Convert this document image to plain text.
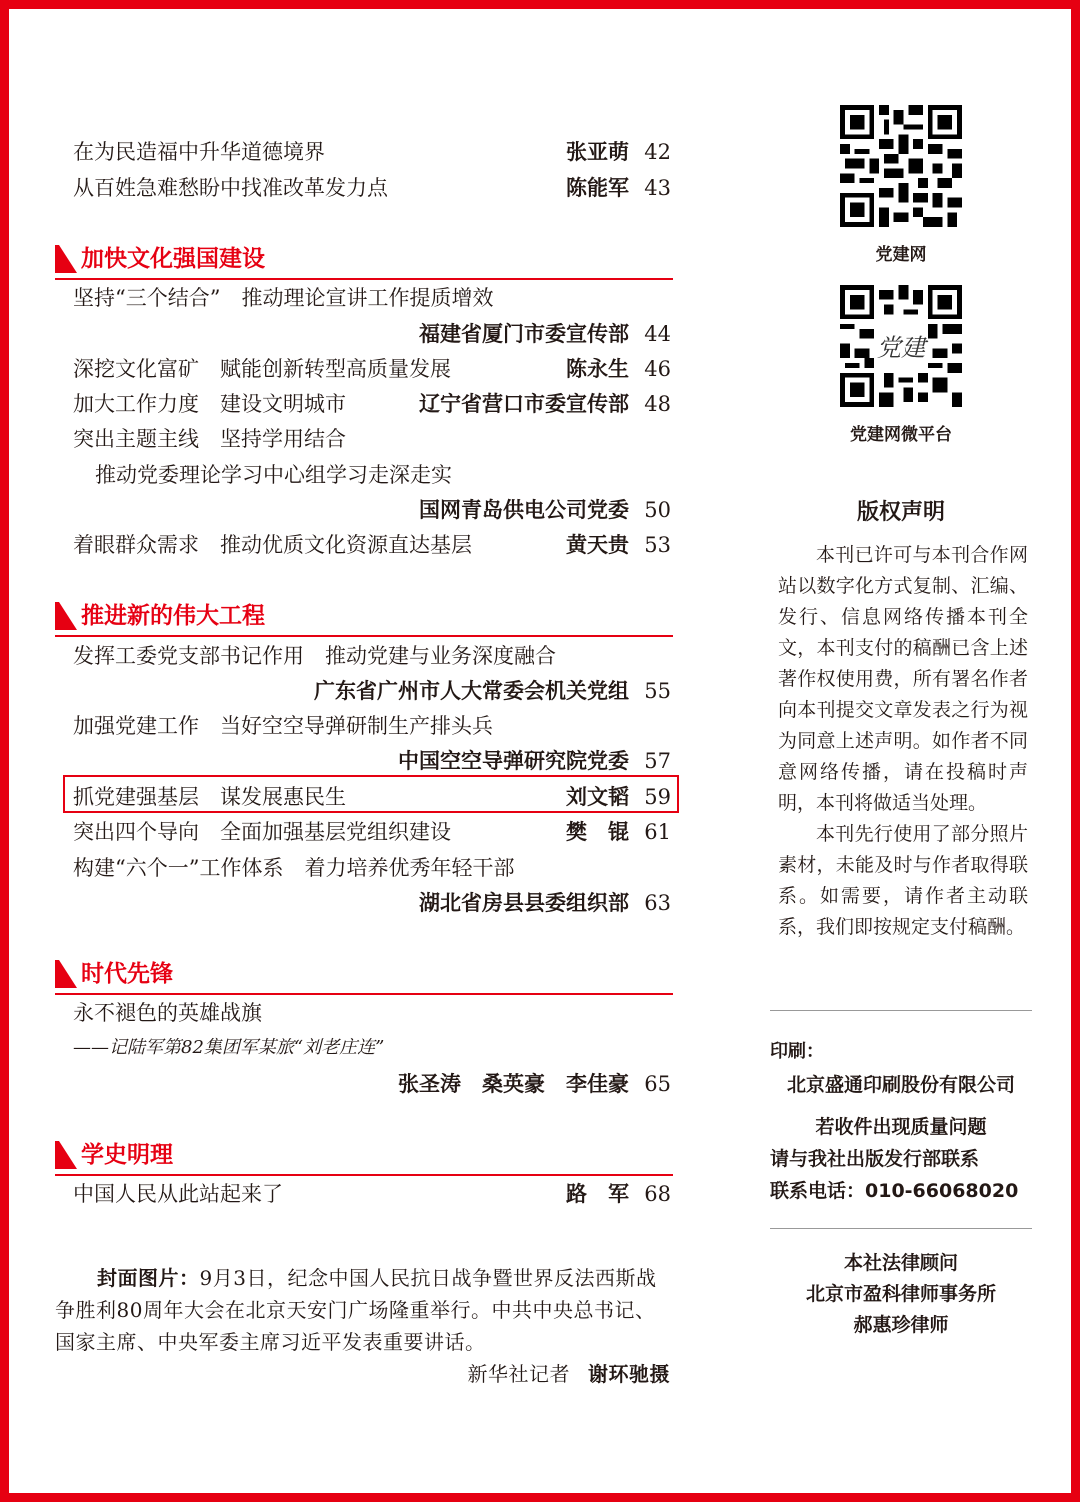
在为民造福中升华道德境界	张亚萌 42
从百姓急难愁盼中找准改革发力点	陈能军 43
加快文化强国建设
坚持“三个结合”　推动理论宣讲工作提质增效
福建省厦门市委宣传部 44
深挖文化富矿　赋能创新转型高质量发展	陈永生 46
加大工作力度　建设文明城市	辽宁省营口市委宣传部 48
突出主题主线　坚持学用结合
推动党委理论学习中心组学习走深走实
国网青岛供电公司党委 50
着眼群众需求　推动优质文化资源直达基层	黄天贵 53
推进新的伟大工程
发挥工委党支部书记作用　推动党建与业务深度融合
广东省广州市人大常委会机关党组 55
加强党建工作　当好空空导弹研制生产排头兵
中国空空导弹研究院党委 57
抓党建强基层　谋发展惠民生	刘文韬 59
突出四个导向　全面加强基层党组织建设	樊　锟 61
构建“六个一”工作体系　着力培养优秀年轻干部
湖北省房县县委组织部 63
时代先锋
永不褪色的英雄战旗
——记陆军第82集团军某旅“刘老庄连”
张圣涛　桑英豪　李佳豪 65
学史明理
中国人民从此站起来了	路　军 68
封面图片：9月3日，纪念中国人民抗日战争暨世界反法西斯战争胜利80周年大会在北京天安门广场隆重举行。中共中央总书记、国家主席、中央军委主席习近平发表重要讲话。
新华社记者 谢环驰摄
党建网
党建
党建网微平台
版权声明

本刊已许可与本刊合作网站以数字化方式复制、汇编、发行、信息网络传播本刊全文，本刊支付的稿酬已含上述著作权使用费，所有署名作者向本刊提交文章发表之行为视为同意上述声明。如作者不同意网络传播，请在投稿时声明，本刊将做适当处理。

本刊先行使用了部分照片素材，未能及时与作者取得联系。如需要，请作者主动联系，我们即按规定支付稿酬。

印刷：
北京盛通印刷股份有限公司
若收件出现质量问题
请与我社出版发行部联系
联系电话：010-66068020
本社法律顾问
北京市盈科律师事务所
郝惠珍律师
